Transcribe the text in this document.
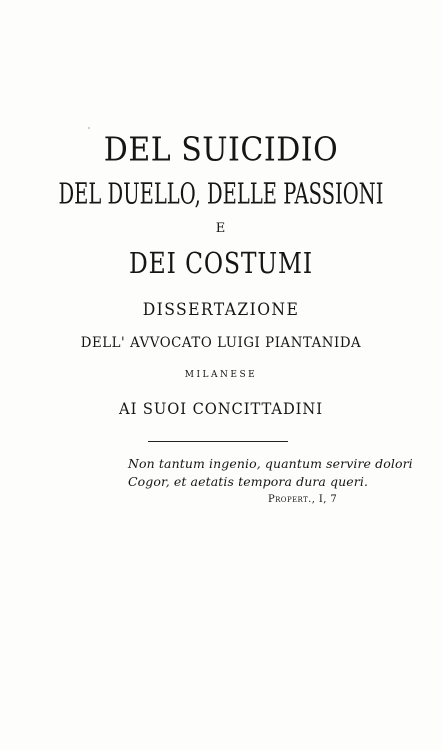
DEL SUICIDIO
DEL DUELLO, DELLE PASSIONI
E
DEI COSTUMI
DISSERTAZIONE
DELL' AVVOCATO LUIGI PIANTANIDA
MILANESE
AI SUOI CONCITTADINI
Non tantum ingenio, quantum servire dolori
Cogor, et aetatis tempora dura queri.
Propert., I, 7
